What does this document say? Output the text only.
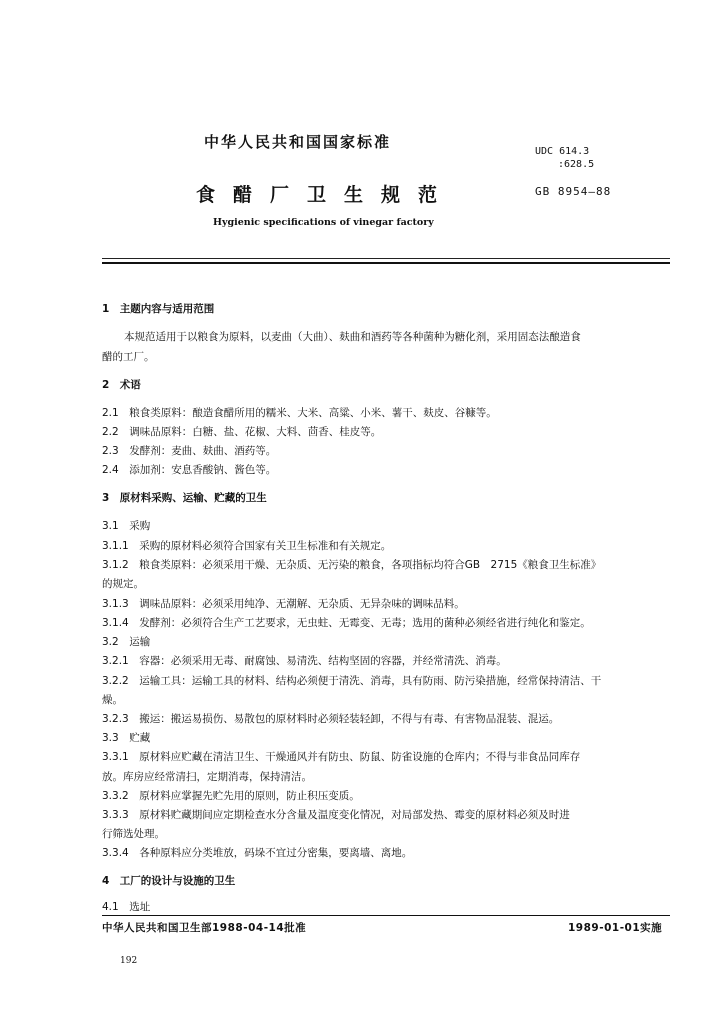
中华人民共和国国家标准
UDC 614.3
:628.5
食醋厂卫生规范	GB 8954—88
Hygienic specifications of vinegar factory
1　主题内容与适用范围
本规范适用于以粮食为原料，以麦曲（大曲）、麸曲和酒药等各种菌种为糖化剂，采用固态法酿造食
醋的工厂。
2　术语
2.1　粮食类原料：酿造食醋所用的糯米、大米、高粱、小米、薯干、麸皮、谷糠等。
2.2　调味品原料：白糖、盐、花椒、大料、茴香、桂皮等。
2.3　发酵剂：麦曲、麸曲、酒药等。
2.4　添加剂：安息香酸钠、酱色等。
3　原材料采购、运输、贮藏的卫生
3.1　采购
3.1.1　采购的原材料必须符合国家有关卫生标准和有关规定。
3.1.2　粮食类原料：必须采用干燥、无杂质、无污染的粮食，各项指标均符合GB　2715《粮食卫生标准》
的规定。
3.1.3　调味品原料：必须采用纯净、无潮解、无杂质、无异杂味的调味品料。
3.1.4　发酵剂：必须符合生产工艺要求，无虫蛀、无霉变、无毒；选用的菌种必须经省进行纯化和鉴定。
3.2　运输
3.2.1　容器：必须采用无毒、耐腐蚀、易清洗、结构坚固的容器，并经常清洗、消毒。
3.2.2　运输工具：运输工具的材料、结构必须便于清洗、消毒，具有防雨、防污染措施，经常保持清洁、干
燥。
3.2.3　搬运：搬运易损伤、易散包的原材料时必须轻装轻卸，不得与有毒、有害物品混装、混运。
3.3　贮藏
3.3.1　原材料应贮藏在清洁卫生、干燥通风并有防虫、防鼠、防雀设施的仓库内；不得与非食品同库存
放。库房应经常清扫，定期消毒，保持清洁。
3.3.2　原材料应掌握先贮先用的原则，防止积压变质。
3.3.3　原材料贮藏期间应定期检查水分含量及温度变化情况，对局部发热、霉变的原材料必须及时进
行筛选处理。
3.3.4　各种原料应分类堆放，码垛不宜过分密集，要离墙、离地。
4　工厂的设计与设施的卫生
4.1　选址
中华人民共和国卫生部1988-04-14批准	1989-01-01实施
192
